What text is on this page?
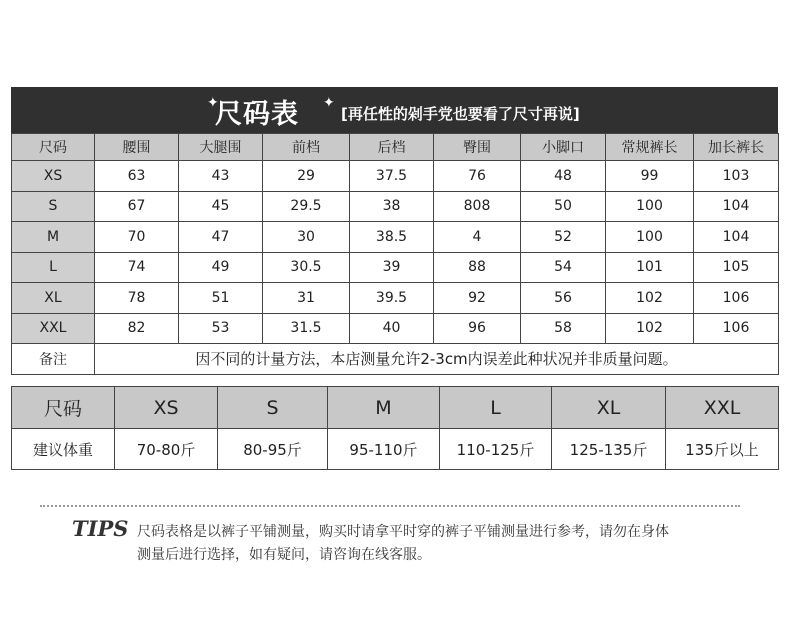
✦
尺码表 ✦
[再任性的剁手党也要看了尺寸再说]
尺码	腰围	大腿围	前档	后档	臀围	小脚口	常规裤长	加长裤长
XS	63	43	29	37.5	76	48	99	103
S	67	45	29.5	38	808	50	100	104
M	70	47	30	38.5	4	52	100	104
L	74	49	30.5	39	88	54	101	105
XL	78	51	31	39.5	92	56	102	106
XXL	82	53	31.5	40	96	58	102	106
备注	因不同的计量方法，本店测量允许2-3cm内误差此种状况并非质量问题。							
尺码	XS	S	M	L	XL	XXL
建议体重	70-80斤	80-95斤	95-110斤	110-125斤	125-135斤	135斤以上
TIPS 尺码表格是以裤子平铺测量，购买时请拿平时穿的裤子平铺测量进行参考，请勿在身体
测量后进行选择，如有疑问，请咨询在线客服。
